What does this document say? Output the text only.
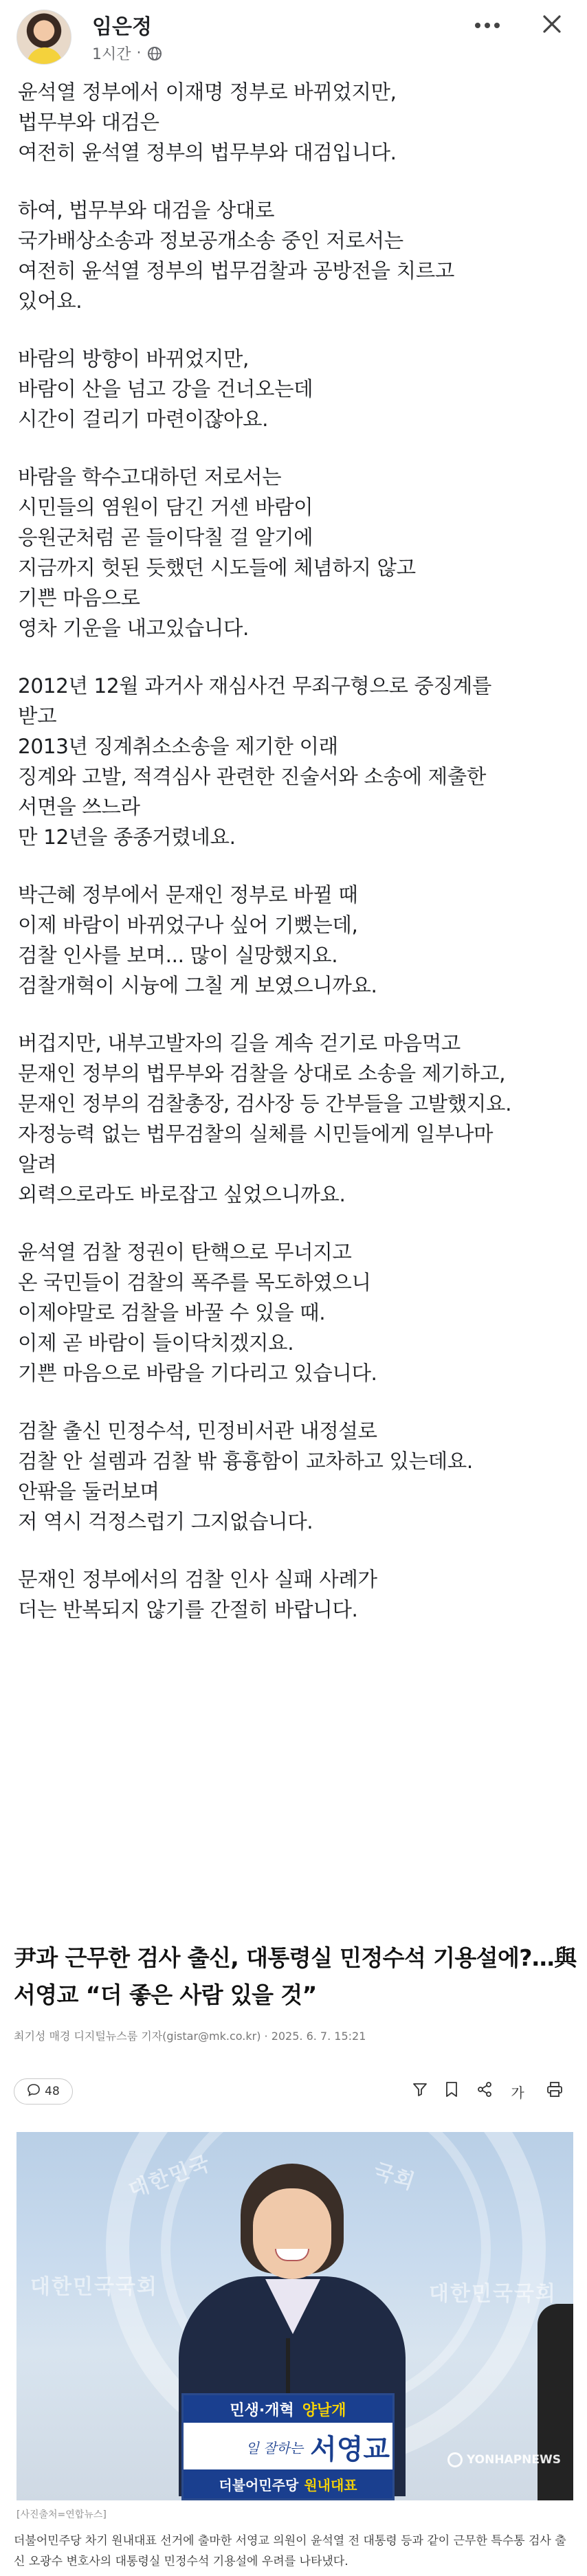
임은정
1시간 ·
윤석열 정부에서 이재명 정부로 바뀌었지만,
법무부와 대검은
여전히 윤석열 정부의 법무부와 대검입니다.
하여, 법무부와 대검을 상대로
국가배상소송과 정보공개소송 중인 저로서는
여전히 윤석열 정부의 법무검찰과 공방전을 치르고
있어요.
바람의 방향이 바뀌었지만,
바람이 산을 넘고 강을 건너오는데
시간이 걸리기 마련이잖아요.
바람을 학수고대하던 저로서는
시민들의 염원이 담긴 거센 바람이
응원군처럼 곧 들이닥칠 걸 알기에
지금까지 헛된 듯했던 시도들에 체념하지 않고
기쁜 마음으로
영차 기운을 내고있습니다.
2012년 12월 과거사 재심사건 무죄구형으로 중징계를
받고
2013년 징계취소소송을 제기한 이래
징계와 고발, 적격심사 관련한 진술서와 소송에 제출한
서면을 쓰느라
만 12년을 종종거렸네요.
박근혜 정부에서 문재인 정부로 바뀔 때
이제 바람이 바뀌었구나 싶어 기뻤는데,
검찰 인사를 보며... 많이 실망했지요.
검찰개혁이 시늉에 그칠 게 보였으니까요.
버겁지만, 내부고발자의 길을 계속 걷기로 마음먹고
문재인 정부의 법무부와 검찰을 상대로 소송을 제기하고,
문재인 정부의 검찰총장, 검사장 등 간부들을 고발했지요.
자정능력 없는 법무검찰의 실체를 시민들에게 일부나마
알려
외력으로라도 바로잡고 싶었으니까요.
윤석열 검찰 정권이 탄핵으로 무너지고
온 국민들이 검찰의 폭주를 목도하였으니
이제야말로 검찰을 바꿀 수 있을 때.
이제 곧 바람이 들이닥치겠지요.
기쁜 마음으로 바람을 기다리고 있습니다.
검찰 출신 민정수석, 민정비서관 내정설로
검찰 안 설렘과 검찰 밖 흉흉함이 교차하고 있는데요.
안팎을 둘러보며
저 역시 걱정스럽기 그지없습니다.
문재인 정부에서의 검찰 인사 실패 사례가
더는 반복되지 않기를 간절히 바랍니다.
尹과 근무한 검사 출신, 대통령실 민정수석 기용설에?…與
서영교 “더 좋은 사람 있을 것”
최기성 매경 디지털뉴스룸 기자(gistar@mk.co.kr) · 2025. 6. 7. 15:21
48	가
대한민국	국회
대한민국국회	대한민국국회
민생·개혁 양날개
일 잘하는 서영교
더불어민주당 원내대표
YONHAPNEWS
[사진출처=연합뉴스]
더불어민주당 차기 원내대표 선거에 출마한 서영교 의원이 윤석열 전 대통령 등과 같이 근무한 특수통 검사 출신 오광수 변호사의 대통령실 민정수석 기용설에 우려를 나타냈다.
